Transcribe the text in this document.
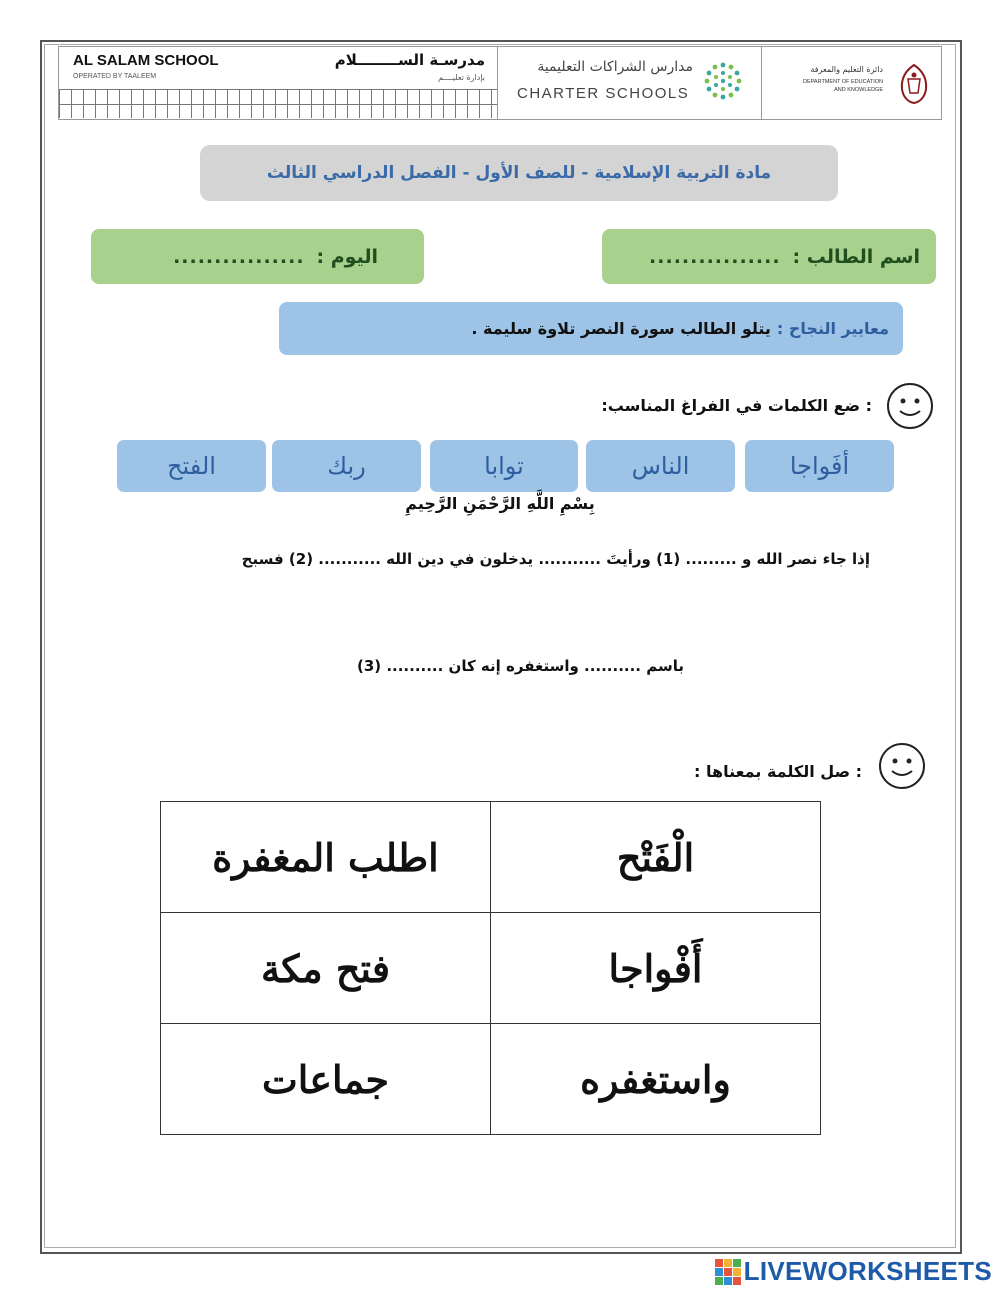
AL SALAM SCHOOL
OPERATED BY TAALEEM
مدرسـة الســــــــلام
بإدارة تعليــــم
مدارس الشراكات التعليمية
CHARTER SCHOOLS
دائرة التعليم والمعرفة
DEPARTMENT OF EDUCATION
AND KNOWLEDGE
مادة التربية الإسلامية - للصف الأول - الفصل الدراسي الثالث
اسم الطالب :
................
اليوم :
................
معايير النجاح :
يتلو الطالب سورة النصر تلاوة سليمة .
: ضع الكلمات في الفراغ المناسب:
أفَواجا
الناس
توابا
ربك
الفتح
بِسْمِ اللَّهِ الرَّحْمَنِ الرَّحِيمِ
إذا جاء نصر الله و ......... (1) ورأيتَ ........... يدخلون في دين الله ........... (2) فسبح
باسم .......... واستغفره إنه كان .......... (3)
: صل الكلمة بمعناها :
اطلب المغفرة	الْفَتْح
فتح مكة	أَفْواجا
جماعات	واستغفره
LIVEWORKSHEETS
